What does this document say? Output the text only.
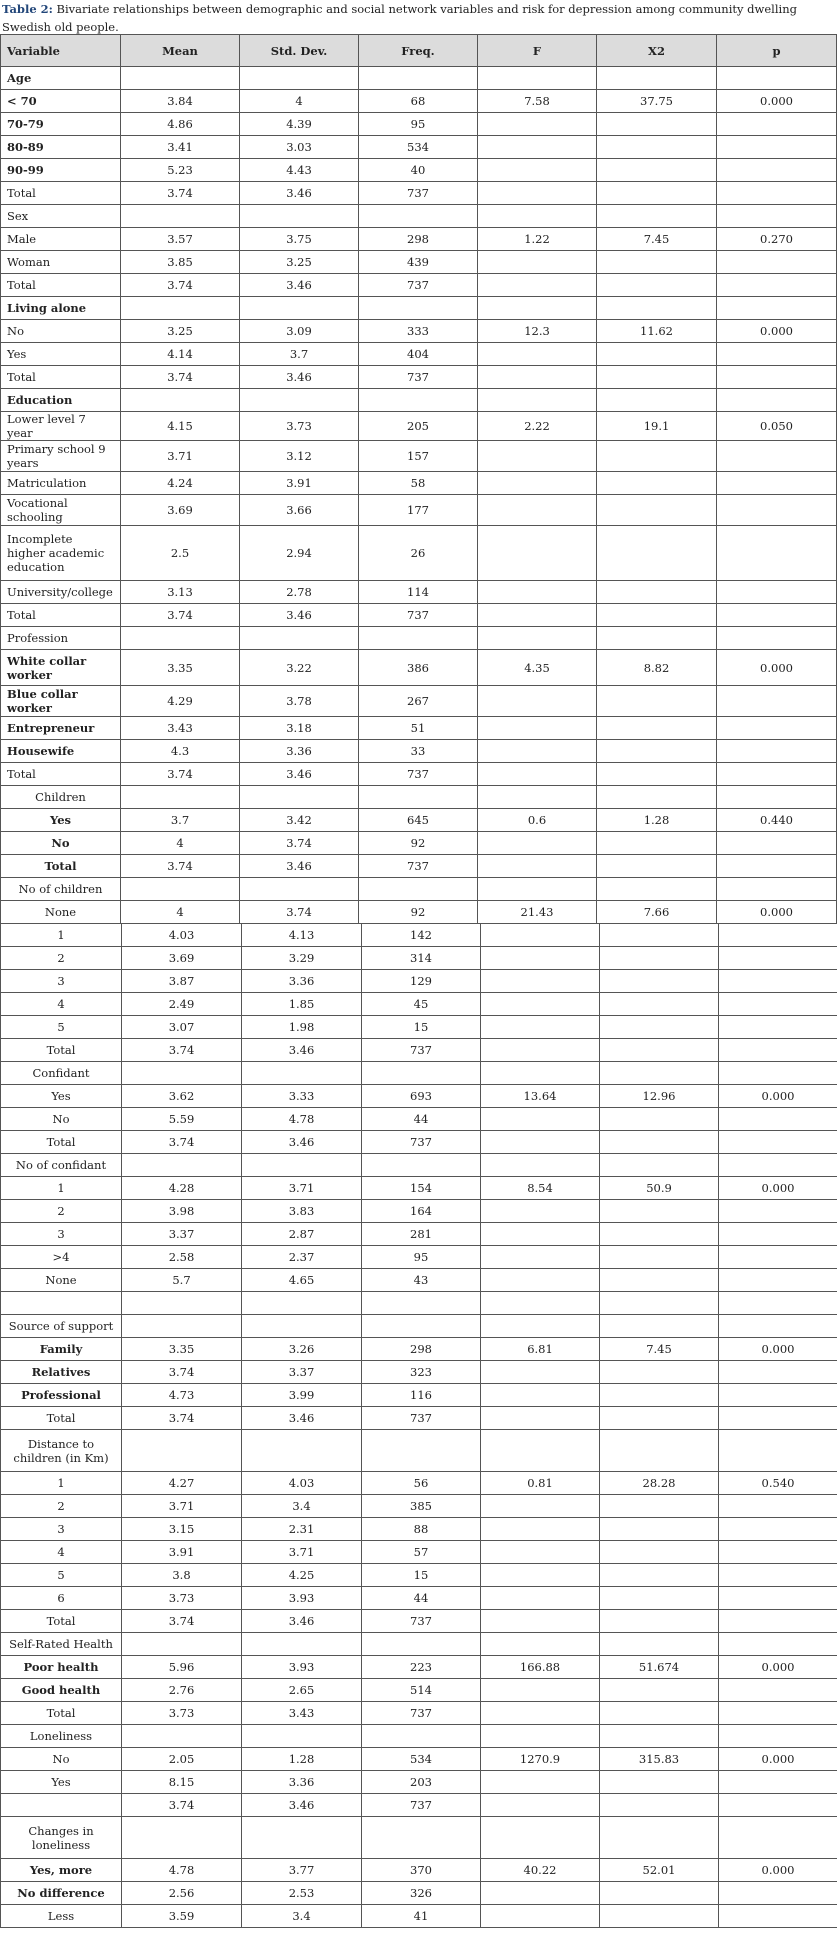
Table 2: Bivariate relationships between demographic and social network variables and risk for depression among community dwelling Swedish old people.
Variable	Mean	Std. Dev.	Freq.	F	X2	p
Age						
< 70	3.84	4	68	7.58	37.75	0.000
70-79	4.86	4.39	95			
80-89	3.41	3.03	534			
90-99	5.23	4.43	40			
Total	3.74	3.46	737			
Sex						
Male	3.57	3.75	298	1.22	7.45	0.270
Woman	3.85	3.25	439			
Total	3.74	3.46	737			
Living alone						
No	3.25	3.09	333	12.3	11.62	0.000
Yes	4.14	3.7	404			
Total	3.74	3.46	737			
Education						
Lower level 7 year	4.15	3.73	205	2.22	19.1	0.050
Primary school 9 years	3.71	3.12	157			
Matriculation	4.24	3.91	58			
Vocational schooling	3.69	3.66	177			
Incomplete higher academic education	2.5	2.94	26			
University/college	3.13	2.78	114			
Total	3.74	3.46	737			
Profession						
White collar worker	3.35	3.22	386	4.35	8.82	0.000
Blue collar worker	4.29	3.78	267			
Entrepreneur	3.43	3.18	51			
Housewife	4.3	3.36	33			
Total	3.74	3.46	737			
Children						
Yes	3.7	3.42	645	0.6	1.28	0.440
No	4	3.74	92			
Total	3.74	3.46	737			
No of children						
None	4	3.74	92	21.43	7.66	0.000
1	4.03	4.13	142			
2	3.69	3.29	314			
3	3.87	3.36	129			
4	2.49	1.85	45			
5	3.07	1.98	15			
Total	3.74	3.46	737			
Confidant						
Yes	3.62	3.33	693	13.64	12.96	0.000
No	5.59	4.78	44			
Total	3.74	3.46	737			
No of confidant						
1	4.28	3.71	154	8.54	50.9	0.000
2	3.98	3.83	164			
3	3.37	2.87	281			
>4	2.58	2.37	95			
None	5.7	4.65	43			

Source of support						
Family	3.35	3.26	298	6.81	7.45	0.000
Relatives	3.74	3.37	323			
Professional	4.73	3.99	116			
Total	3.74	3.46	737			
Distance to children (in Km)						
1	4.27	4.03	56	0.81	28.28	0.540
2	3.71	3.4	385			
3	3.15	2.31	88			
4	3.91	3.71	57			
5	3.8	4.25	15			
6	3.73	3.93	44			
Total	3.74	3.46	737			
Self-Rated Health						
Poor health	5.96	3.93	223	166.88	51.674	0.000
Good health	2.76	2.65	514			
Total	3.73	3.43	737			
Loneliness						
No	2.05	1.28	534	1270.9	315.83	0.000
Yes	8.15	3.36	203			
	3.74	3.46	737			
Changes in loneliness						
Yes, more	4.78	3.77	370	40.22	52.01	0.000
No difference	2.56	2.53	326			
Less	3.59	3.4	41			
